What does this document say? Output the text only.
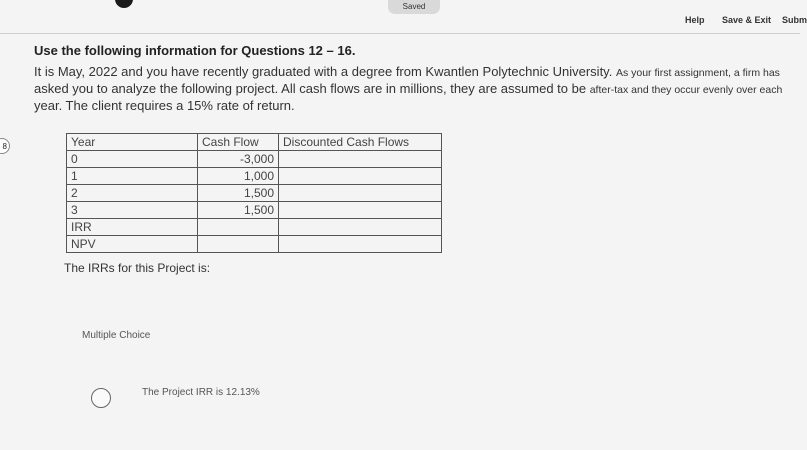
Saved
Help Save & Exit Subm
8
Use the following information for Questions 12 – 16.
It is May, 2022 and you have recently graduated with a degree from Kwantlen Polytechnic University. As your first assignment, a firm has
asked you to analyze the following project. All cash flows are in millions, they are assumed to be after-tax and they occur evenly over each
year. The client requires a 15% rate of return.
Year	Cash Flow	Discounted Cash Flows
0	-3,000	
1	1,000	
2	1,500	
3	1,500	
IRR		
NPV		
The IRRs for this Project is:
Multiple Choice
The Project IRR is 12.13%
